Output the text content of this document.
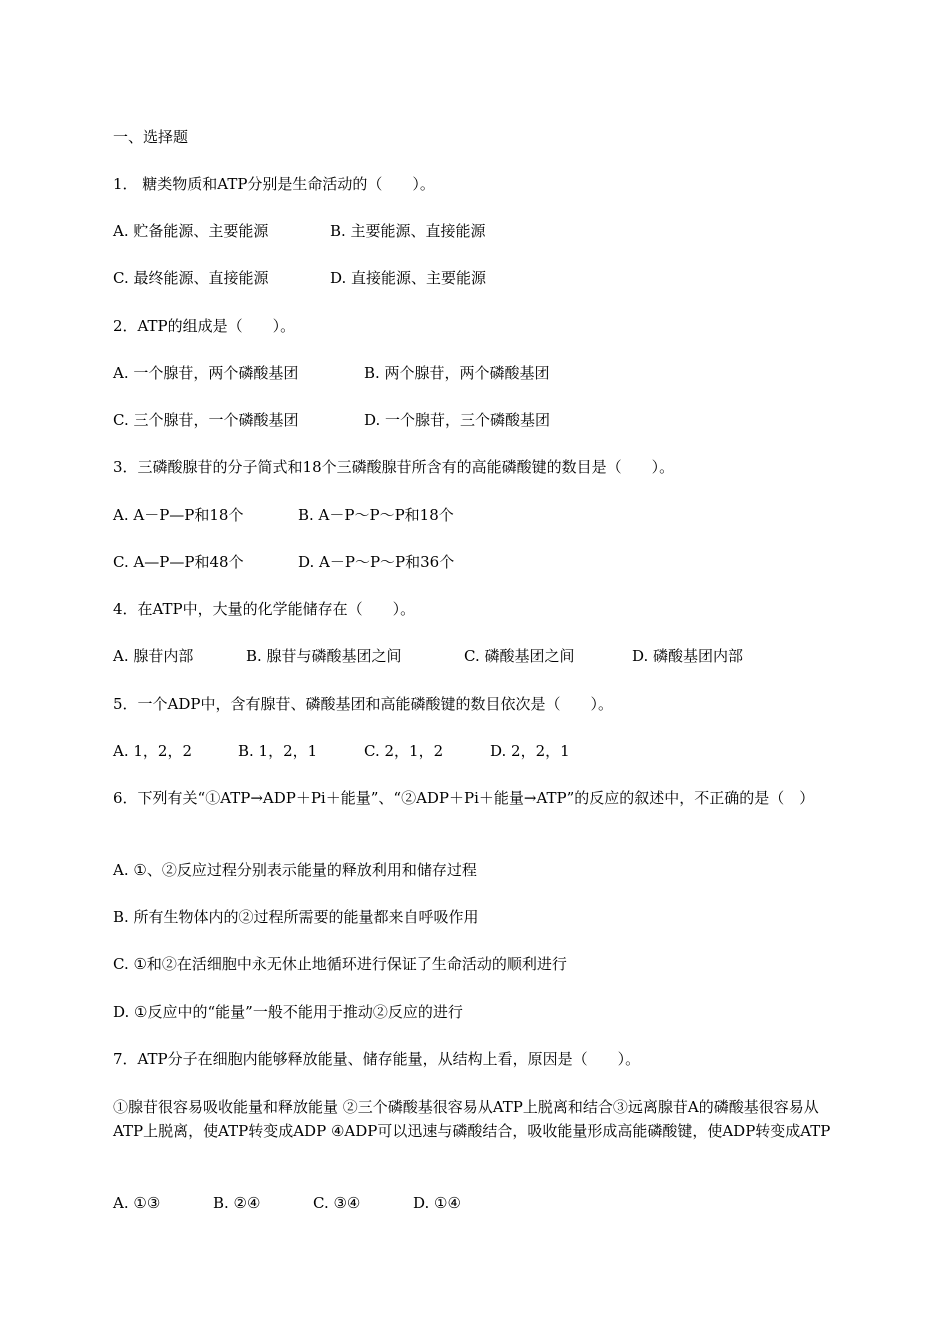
一、选择题
1． 糖类物质和ATP分别是生命活动的（　　）。
A. 贮备能源、主要能源	B. 主要能源、直接能源
C. 最终能源、直接能源	D. 直接能源、主要能源
2．ATP的组成是（　　）。
A. 一个腺苷，两个磷酸基团	B. 两个腺苷，两个磷酸基团
C. 三个腺苷，一个磷酸基团	D. 一个腺苷，三个磷酸基团
3．三磷酸腺苷的分子简式和18个三磷酸腺苷所含有的高能磷酸键的数目是（　　）。
A. A－P—P和18个	B. A－P～P～P和18个
C. A—P—P和48个	D. A－P～P～P和36个
4．在ATP中，大量的化学能储存在（　　）。
A. 腺苷内部	B. 腺苷与磷酸基团之间	C. 磷酸基团之间	D. 磷酸基团内部
5．一个ADP中，含有腺苷、磷酸基团和高能磷酸键的数目依次是（　　）。
A. 1，2，2	B. 1，2，1	C. 2，1，2	D. 2，2，1
6．下列有关“①ATP→ADP＋Pi＋能量”、“②ADP＋Pi＋能量→ATP”的反应的叙述中，不正确的是（　）
A. ①、②反应过程分别表示能量的释放利用和储存过程
B. 所有生物体内的②过程所需要的能量都来自呼吸作用
C. ①和②在活细胞中永无休止地循环进行保证了生命活动的顺利进行
D. ①反应中的“能量”一般不能用于推动②反应的进行
7．ATP分子在细胞内能够释放能量、储存能量，从结构上看，原因是（　　）。
①腺苷很容易吸收能量和释放能量 ②三个磷酸基很容易从ATP上脱离和结合③远离腺苷A的磷酸基很容易从ATP上脱离，使ATP转变成ADP ④ADP可以迅速与磷酸结合，吸收能量形成高能磷酸键，使ADP转变成ATP
A. ①③	B. ②④	C. ③④	D. ①④
